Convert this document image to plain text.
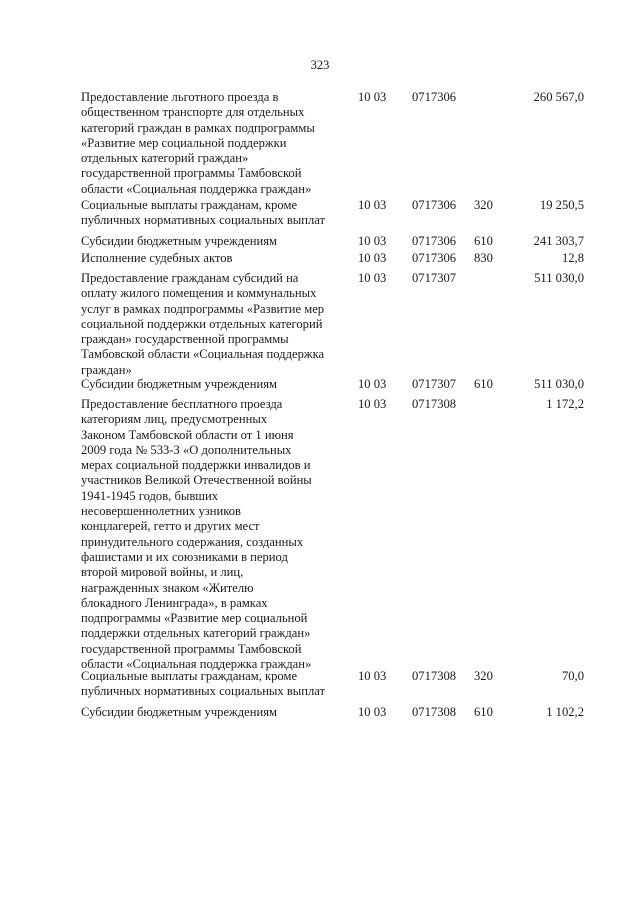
323
Предоставление льготного проезда в
общественном транспорте для отдельных
категорий граждан в рамках подпрограммы
«Развитие мер социальной поддержки
отдельных категорий граждан»
государственной программы Тамбовской
области «Социальная поддержка граждан»
10 03 0717306	260 567,0
Социальные выплаты гражданам, кроме
публичных нормативных социальных выплат
10 03 0717306 320	19 250,5
Субсидии бюджетным учреждениям	10 03 0717306 610	241 303,7
Исполнение судебных актов	10 03 0717306 830	12,8
Предоставление гражданам субсидий на
оплату жилого помещения и коммунальных
услуг в рамках подпрограммы «Развитие мер
социальной поддержки отдельных категорий
граждан» государственной программы
Тамбовской области «Социальная поддержка
граждан»
10 03 0717307	511 030,0
Субсидии бюджетным учреждениям	10 03 0717307 610	511 030,0
Предоставление бесплатного проезда
категориям лиц, предусмотренных
Законом Тамбовской области от 1 июня
2009 года № 533-З «О дополнительных
мерах социальной поддержки инвалидов и
участников Великой Отечественной войны
1941-1945 годов, бывших
несовершеннолетних узников
концлагерей, гетто и других мест
принудительного содержания, созданных
фашистами и их союзниками в период
второй мировой войны, и лиц,
награжденных знаком «Жителю
блокадного Ленинграда», в рамках
подпрограммы «Развитие мер социальной
поддержки отдельных категорий граждан»
государственной программы Тамбовской
области «Социальная поддержка граждан»
10 03 0717308	1 172,2
Социальные выплаты гражданам, кроме
публичных нормативных социальных выплат
10 03 0717308 320	70,0
Субсидии бюджетным учреждениям	10 03 0717308 610	1 102,2
